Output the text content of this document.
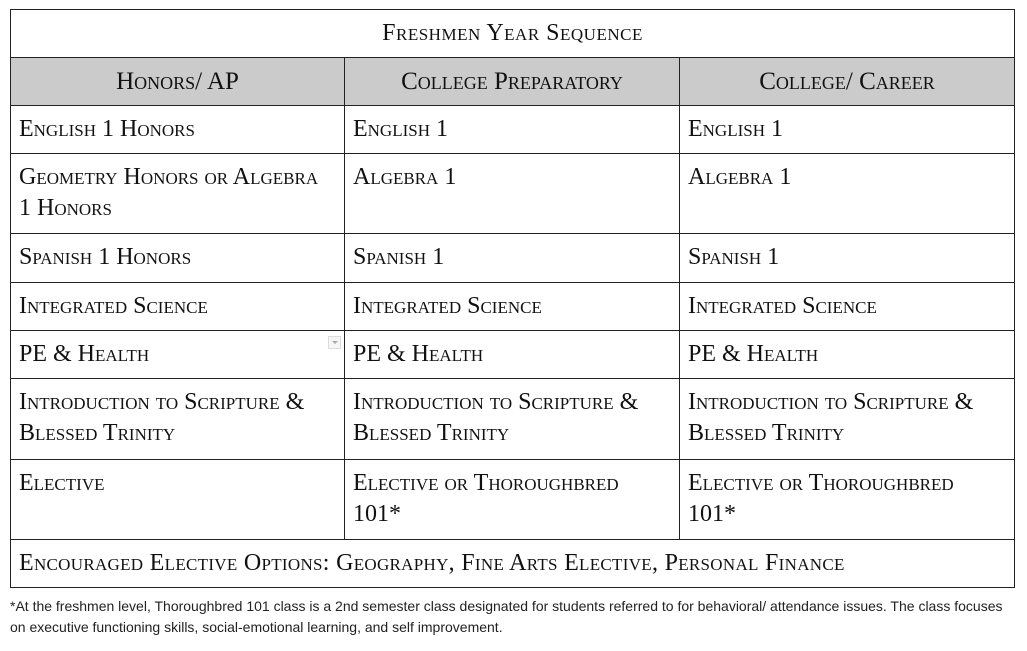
Freshmen Year Sequence		
Honors/ AP	College Preparatory	College/ Career
English 1 Honors	English 1	English 1
Geometry Honors or Algebra 1 Honors	Algebra 1	Algebra 1
Spanish 1 Honors	Spanish 1	Spanish 1
Integrated Science	Integrated Science	Integrated Science
PE & Health	PE & Health	PE & Health
Introduction to Scripture & Blessed Trinity	Introduction to Scripture & Blessed Trinity	Introduction to Scripture & Blessed Trinity
Elective	Elective or Thoroughbred 101*	Elective or Thoroughbred 101*
Encouraged Elective Options: Geography, Fine Arts Elective, Personal Finance		
*At the freshmen level, Thoroughbred 101 class is a 2nd semester class designated for students referred to for behavioral/ attendance issues. The class focuses on executive functioning skills, social-emotional learning, and self improvement.
